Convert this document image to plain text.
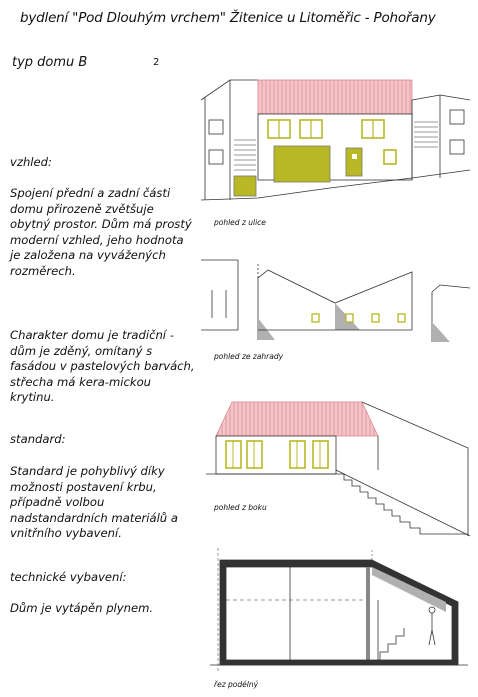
bydlení "Pod Dlouhým vrchem" Žitenice u Litoměřic - Pohořany
typ domu B	2
vzhled:
Spojení přední a zadní části domu přirozeně zvětšuje obytný prostor. Dům má prostý moderní vzhled, jeho hodnota je založena na vyvážených rozměrech.
Charakter domu je tradiční - dům je zděný, omítaný s fasádou v pastelových barvách, střecha má kera-mickou krytinu.
standard:
Standard je pohyblivý díky možnosti postavení krbu, případně volbou nadstandardních materiálů a vnitřního vybavení.
technické vybavení:
Dům je vytápěn plynem.
pohled z ulice
pohled ze zahrady
pohled z boku
řez podélný
